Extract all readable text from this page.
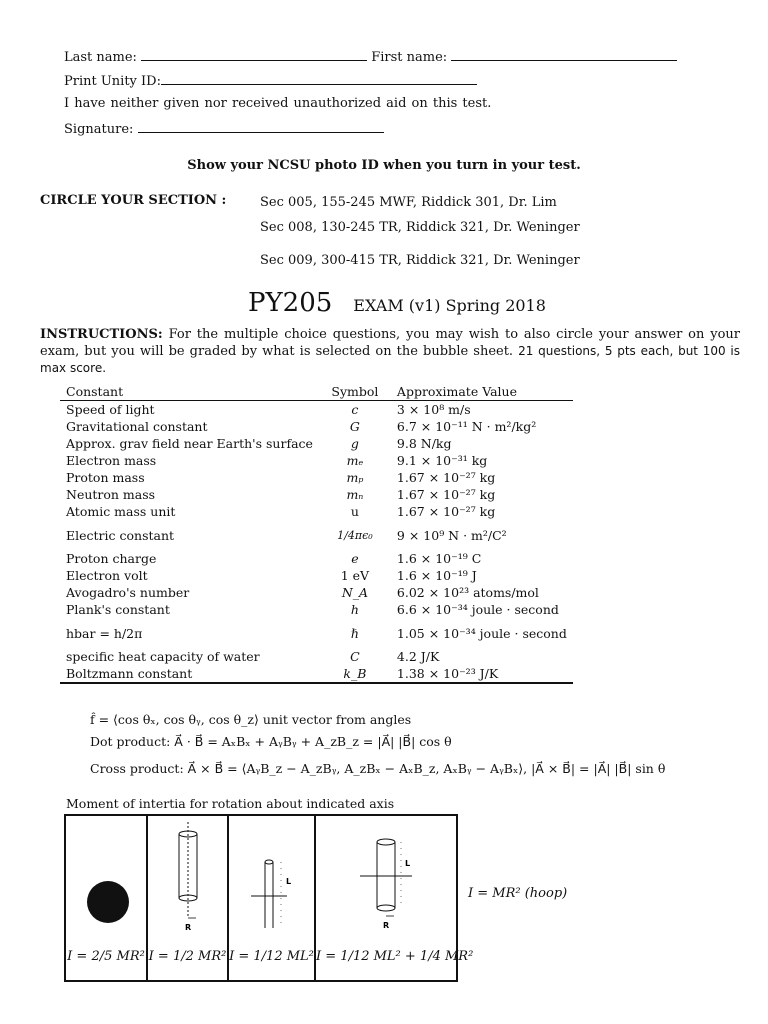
Last name:	First name:
Print Unity ID:
I have neither given nor received unauthorized aid on this test.
Signature:
Show your NCSU photo ID when you turn in your test.
CIRCLE YOUR SECTION :	Sec 005, 155-245 MWF, Riddick 301, Dr. Lim
Sec 008, 130-245 TR, Riddick 321, Dr. Weninger
Sec 009, 300-415 TR, Riddick 321, Dr. Weninger
PY205 EXAM (v1) Spring 2018
INSTRUCTIONS: For the multiple choice questions, you may wish to also circle your answer on your exam, but you will be graded by what is selected on the bubble sheet. 21 questions, 5 pts each, but 100 is max score.
Constant	Symbol	Approximate Value
Speed of light	c	3 × 10⁸ m/s
Gravitational constant	G	6.7 × 10⁻¹¹ N · m²/kg²
Approx. grav field near Earth's surface	g	9.8 N/kg
Electron mass	mₑ	9.1 × 10⁻³¹ kg
Proton mass	mₚ	1.67 × 10⁻²⁷ kg
Neutron mass	mₙ	1.67 × 10⁻²⁷ kg
Atomic mass unit	u	1.67 × 10⁻²⁷ kg
Electric constant	1/4πϵ₀	9 × 10⁹ N · m²/C²
Proton charge	e	1.6 × 10⁻¹⁹ C
Electron volt	1 eV	1.6 × 10⁻¹⁹ J
Avogadro's number	N_A	6.02 × 10²³ atoms/mol
Plank's constant	h	6.6 × 10⁻³⁴ joule · second
hbar = h/2π	ℏ	1.05 × 10⁻³⁴ joule · second
specific heat capacity of water	C	4.2 J/K
Boltzmann constant	k_B	1.38 × 10⁻²³ J/K
f̂ = ⟨cos θₓ, cos θᵧ, cos θ_z⟩ unit vector from angles
Dot product: A⃗ · B⃗ = AₓBₓ + AᵧBᵧ + A_zB_z = |A⃗| |B⃗| cos θ
Cross product: A⃗ × B⃗ = ⟨AᵧB_z − A_zBᵧ, A_zBₓ − AₓB_z, AₓBᵧ − AᵧBₓ⟩, |A⃗ × B⃗| = |A⃗| |B⃗| sin θ
Moment of intertia for rotation about indicated axis
I = 2/5 MR²
R
I = 1/2 MR²
L
I = 1/12 ML²
L
R
I = 1/12 ML² + 1/4 MR²
I = MR² (hoop)
